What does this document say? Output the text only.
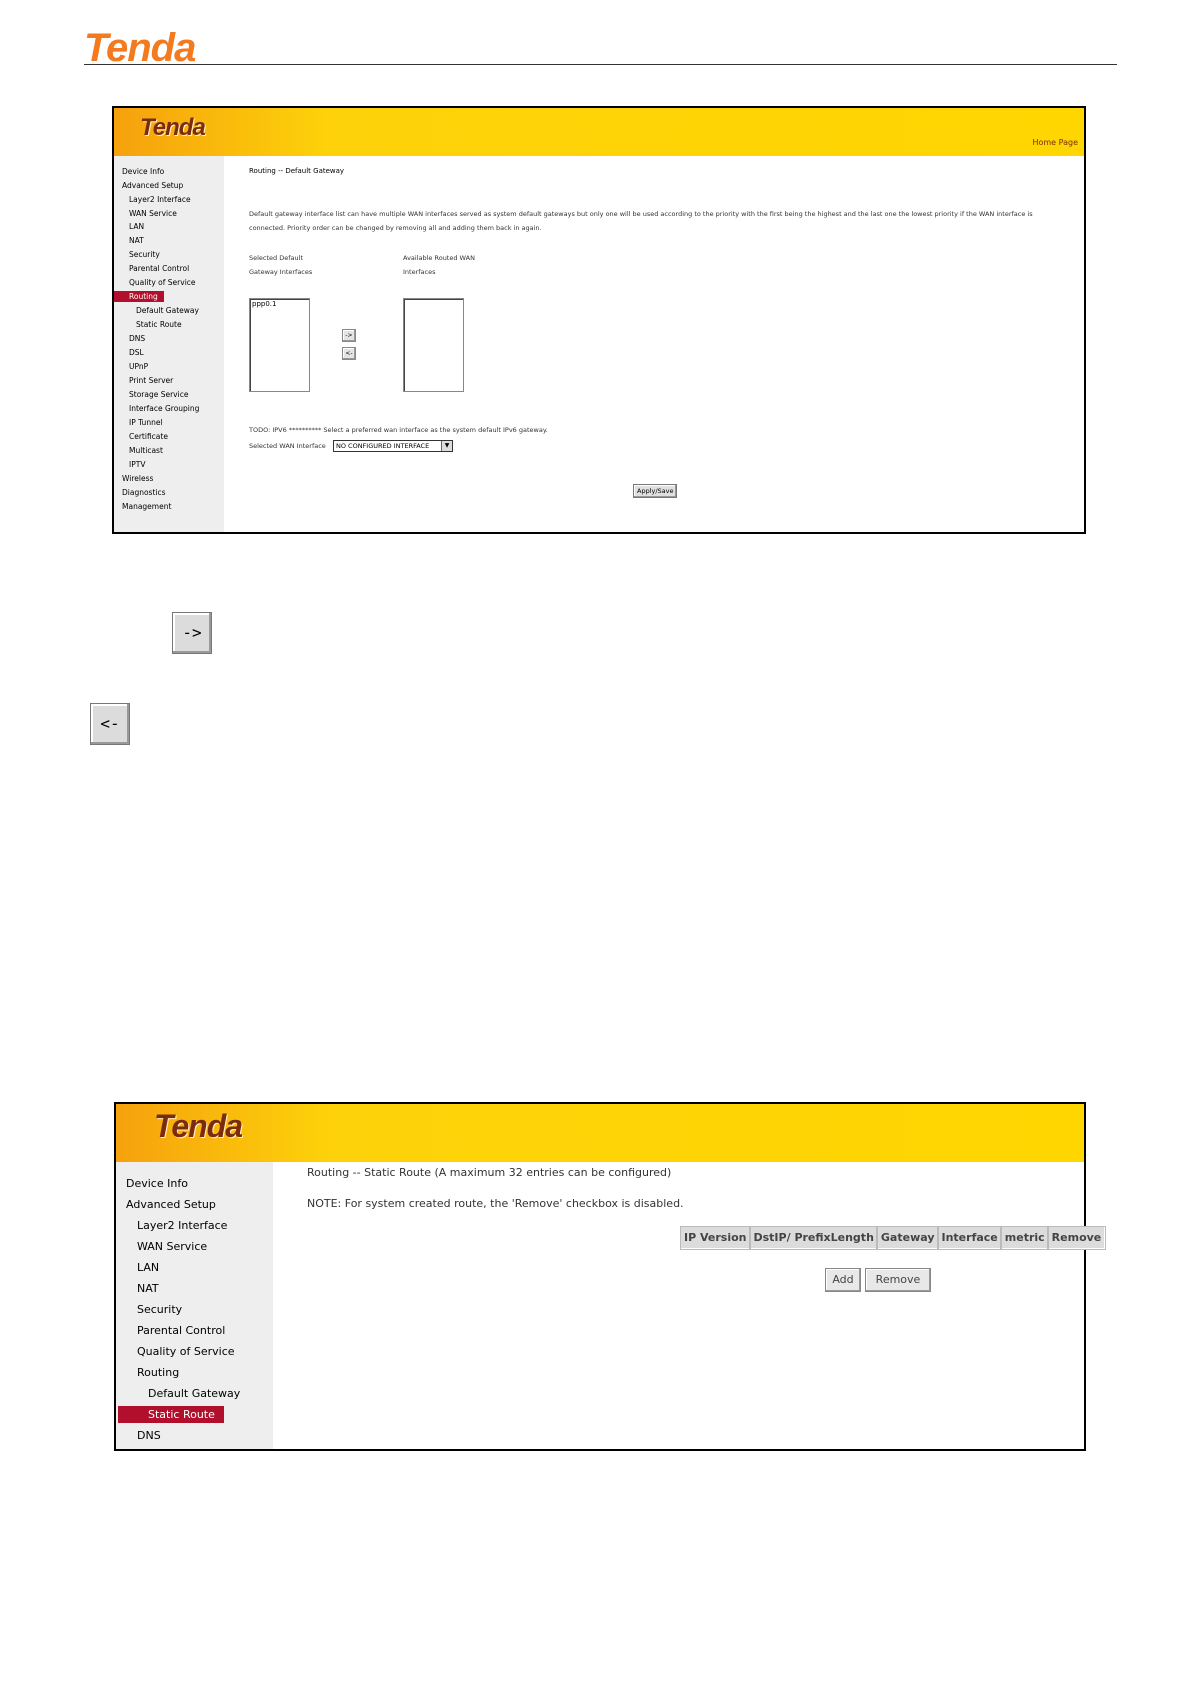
Tenda
Tenda
Home Page
Device Info
Advanced Setup
Layer2 Interface
WAN Service
LAN
NAT
Security
Parental Control
Quality of Service
Routing
Default Gateway
Static Route
DNS
DSL
UPnP
Print Server
Storage Service
Interface Grouping
IP Tunnel
Certificate
Multicast
IPTV
Wireless
Diagnostics
Management
Routing -- Default Gateway
Default gateway interface list can have multiple WAN interfaces served as system default gateways but only one will be used according to the priority with the first being the highest and the last one the lowest priority if the WAN interface is
connected. Priority order can be changed by removing all and adding them back in again.
Selected Default
Gateway Interfaces
Available Routed WAN
Interfaces
ppp0.1
->
<-
TODO: IPV6 ********** Select a preferred wan interface as the system default IPv6 gateway.
Selected WAN Interface	NO CONFIGURED INTERFACE	▼
Apply/Save
->
<-
Tenda
Device Info
Advanced Setup
Layer2 Interface
WAN Service
LAN
NAT
Security
Parental Control
Quality of Service
Routing
Default Gateway
Static Route
DNS
Routing -- Static Route (A maximum 32 entries can be configured)
NOTE: For system created route, the 'Remove' checkbox is disabled.
IP Version	DstIP/ PrefixLength	Gateway	Interface	metric	Remove
Add	Remove
